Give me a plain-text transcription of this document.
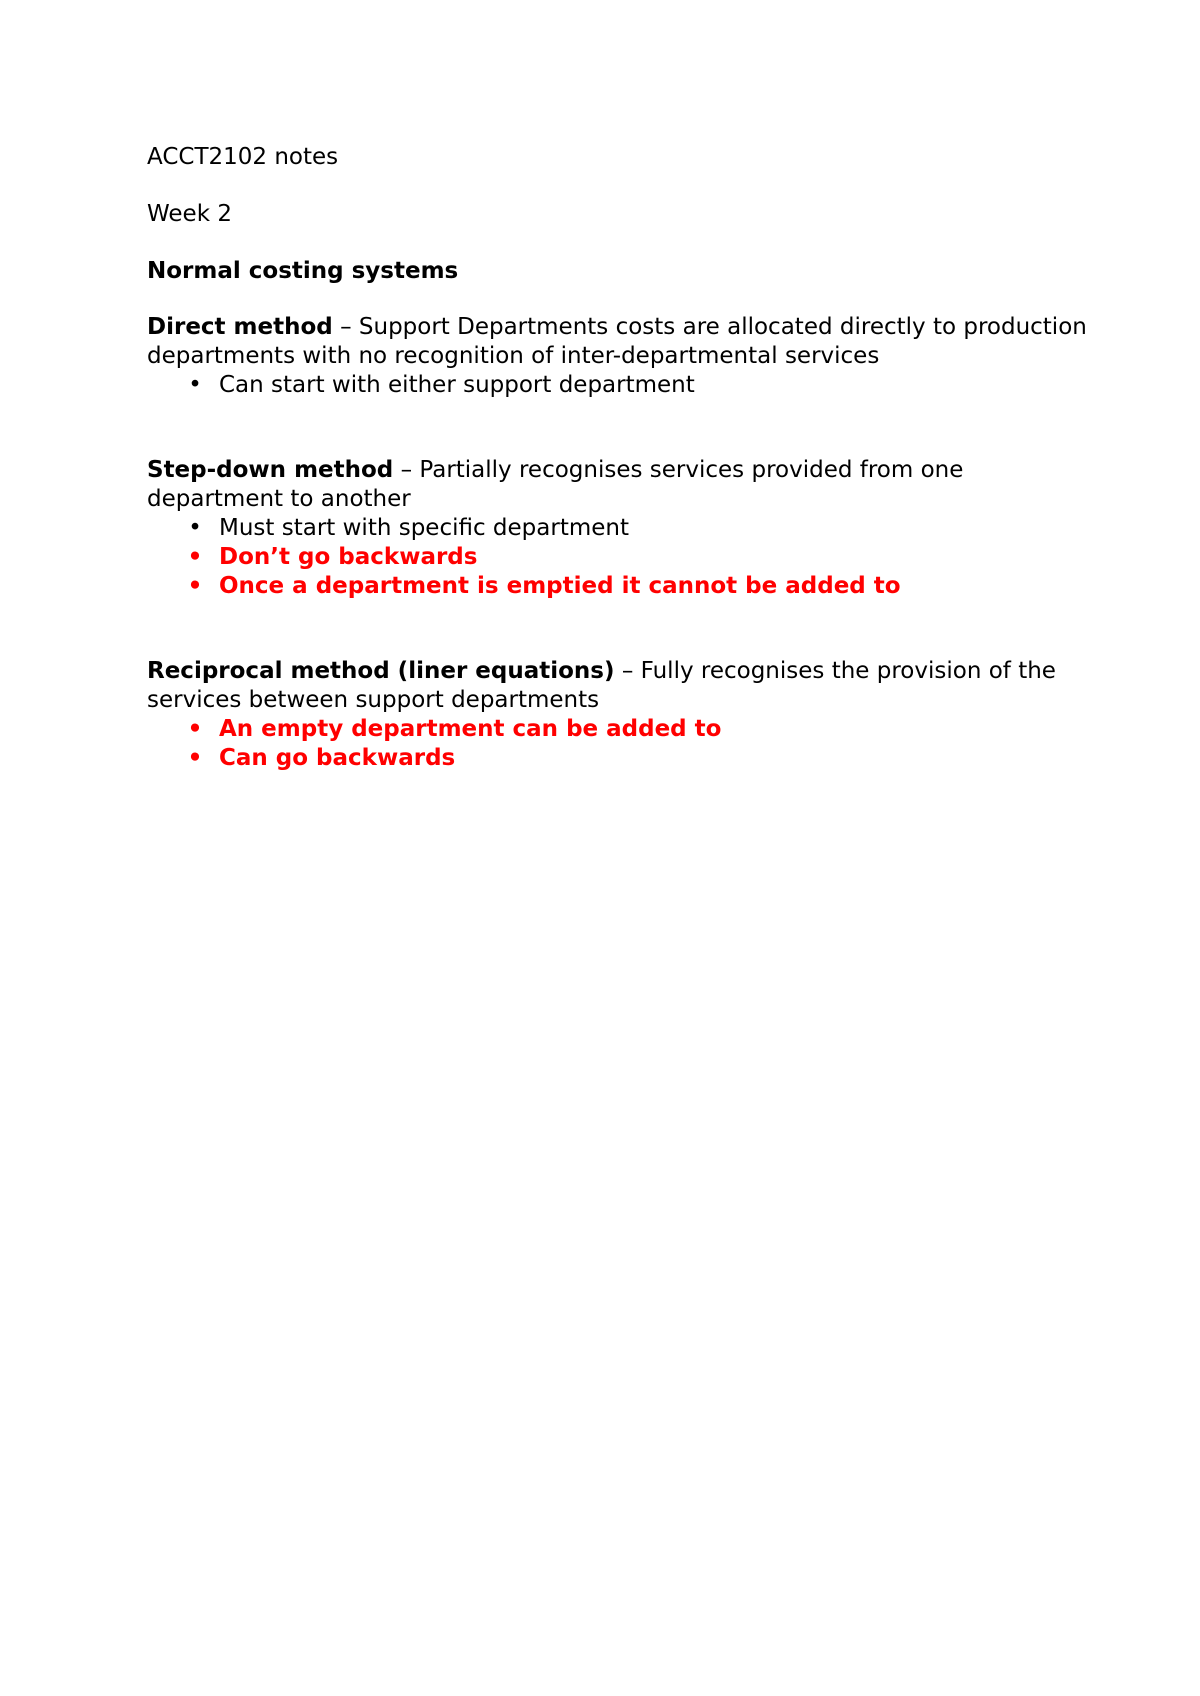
ACCT2102 notes

Week 2

Normal costing systems

Direct method – Support Departments costs are allocated directly to production departments with no recognition of inter-departmental services

• Can start with either support department

Step-down method – Partially recognises services provided from one department to another

• Must start with specific department
• Don’t go backwards
• Once a department is emptied it cannot be added to

Reciprocal method (liner equations) – Fully recognises the provision of the services between support departments

• An empty department can be added to
• Can go backwards
